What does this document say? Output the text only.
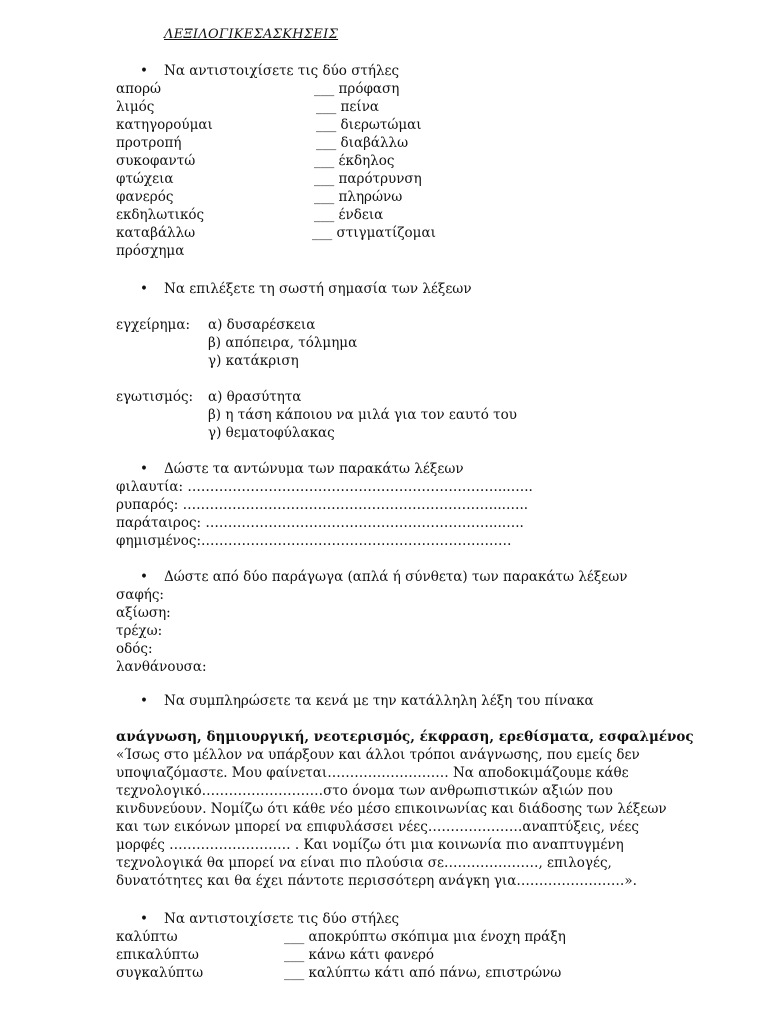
ΛΕΞΙΛΟΓΙΚΕΣΑΣΚΗΣΕΙΣ
• Να αντιστοιχίσετε τις δύο στήλες
απορώ	___ πρόφαση
λιμός	___ πείνα
κατηγορούμαι	___ διερωτώμαι
προτροπή	___ διαβάλλω
συκοφαντώ	___ έκδηλος
φτώχεια	___ παρότρυνση
φανερός	___ πληρώνω
εκδηλωτικός	___ ένδεια
καταβάλλω	___ στιγματίζομαι
πρόσχημα
• Να επιλέξετε τη σωστή σημασία των λέξεων
εγχείρημα: α) δυσαρέσκεια
β) απόπειρα, τόλμημα
γ) κατάκριση
εγωτισμός: α) θρασύτητα
β) η τάση κάποιου να μιλά για τον εαυτό του
γ) θεματοφύλακας
• Δώστε τα αντώνυμα των παρακάτω λέξεων
φιλαυτία: ……………………………………………………………...…..
ρυπαρός: ……………………………………………………………...…..
παράταιρος: ………………………………………………………...…..
φημισμένος:……………………………………………………………
• Δώστε από δύο παράγωγα (απλά ή σύνθετα) των παρακάτω λέξεων
σαφής:
αξίωση:
τρέχω:
οδός:
λανθάνουσα:
• Να συμπληρώσετε τα κενά με την κατάλληλη λέξη του πίνακα
ανάγνωση, δημιουργική, νεοτερισμός, έκφραση, ερεθίσματα, εσφαλμένος
«Ίσως στο μέλλον να υπάρξουν και άλλοι τρόποι ανάγνωσης, που εμείς δεν
υποψιαζόμαστε. Μου φαίνεται……………………… Να αποδοκιμάζουμε κάθε
τεχνολογικό………………………στο όνομα των ανθρωπιστικών αξιών που
κινδυνεύουν. Νομίζω ότι κάθε νέο μέσο επικοινωνίας και διάδοσης των λέξεων
και των εικόνων μπορεί να επιφυλάσσει νέες…………………αναπτύξεις, νέες
μορφές ……………………… . Και νομίζω ότι μια κοινωνία πιο αναπτυγμένη
τεχνολογικά θα μπορεί να είναι πιο πλούσια σε…………………, επιλογές,
δυνατότητες και θα έχει πάντοτε περισσότερη ανάγκη για……………………».
• Να αντιστοιχίσετε τις δύο στήλες
καλύπτω	___ αποκρύπτω σκόπιμα μια ένοχη πράξη
επικαλύπτω	___ κάνω κάτι φανερό
συγκαλύπτω	___ καλύπτω κάτι από πάνω, επιστρώνω
